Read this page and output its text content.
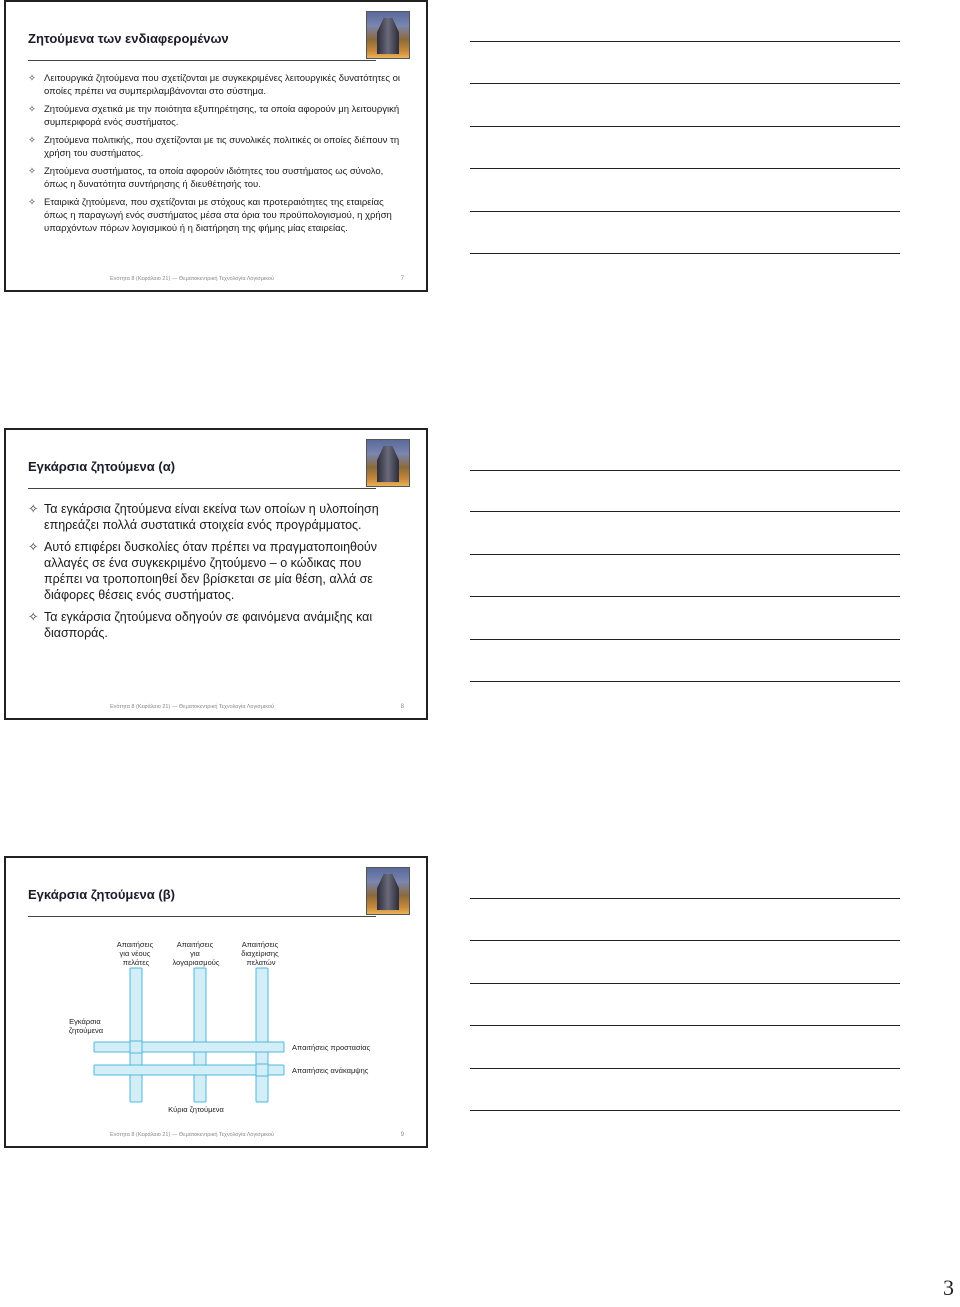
Ζητούμενα των ενδιαφερομένων
✧ Λειτουργικά ζητούμενα που σχετίζονται με συγκεκριμένες λειτουργικές δυνατότητες οι οποίες πρέπει να συμπεριλαμβάνονται στο σύστημα.
✧ Ζητούμενα σχετικά με την ποιότητα εξυπηρέτησης, τα οποία αφορούν μη λειτουργική συμπεριφορά ενός συστήματος.
✧ Ζητούμενα πολιτικής, που σχετίζονται με τις συνολικές πολιτικές οι οποίες διέπουν τη χρήση του συστήματος.
✧ Ζητούμενα συστήματος, τα οποία αφορούν ιδιότητες του συστήματος ως σύνολο, όπως η δυνατότητα συντήρησης ή διευθέτησής του.
✧ Εταιρικά ζητούμενα, που σχετίζονται με στόχους και προτεραιότητες της εταιρείας όπως η παραγωγή ενός συστήματος μέσα στα όρια του προϋπολογισμού, η χρήση υπαρχόντων πόρων λογισμικού ή η διατήρηση της φήμης μίας εταιρείας.
Ενότητα 8 (Κεφάλαιο 21) — Θεματοκεντρική Τεχνολογία Λογισμικού	7
Εγκάρσια ζητούμενα (α)
✧ Τα εγκάρσια ζητούμενα είναι εκείνα των οποίων η υλοποίηση επηρεάζει πολλά συστατικά στοιχεία ενός προγράμματος.
✧ Αυτό επιφέρει δυσκολίες όταν πρέπει να πραγματοποιηθούν αλλαγές σε ένα συγκεκριμένο ζητούμενο – ο κώδικας που πρέπει να τροποποιηθεί δεν βρίσκεται σε μία θέση, αλλά σε διάφορες θέσεις ενός συστήματος.
✧ Τα εγκάρσια ζητούμενα οδηγούν σε φαινόμενα ανάμιξης και διασποράς.
Ενότητα 8 (Κεφάλαιο 21) — Θεματοκεντρική Τεχνολογία Λογισμικού	8
Εγκάρσια ζητούμενα (β)
Απαιτήσεις για νέους πελάτες
Απαιτήσεις για λογαριασμούς
Απαιτήσεις διαχείρισης πελατών
Εγκάρσια ζητούμενα
Απαιτήσεις προστασίας
Απαιτήσεις ανάκαμψης
Κύρια ζητούμενα
Ενότητα 8 (Κεφάλαιο 21) — Θεματοκεντρική Τεχνολογία Λογισμικού	9
3
